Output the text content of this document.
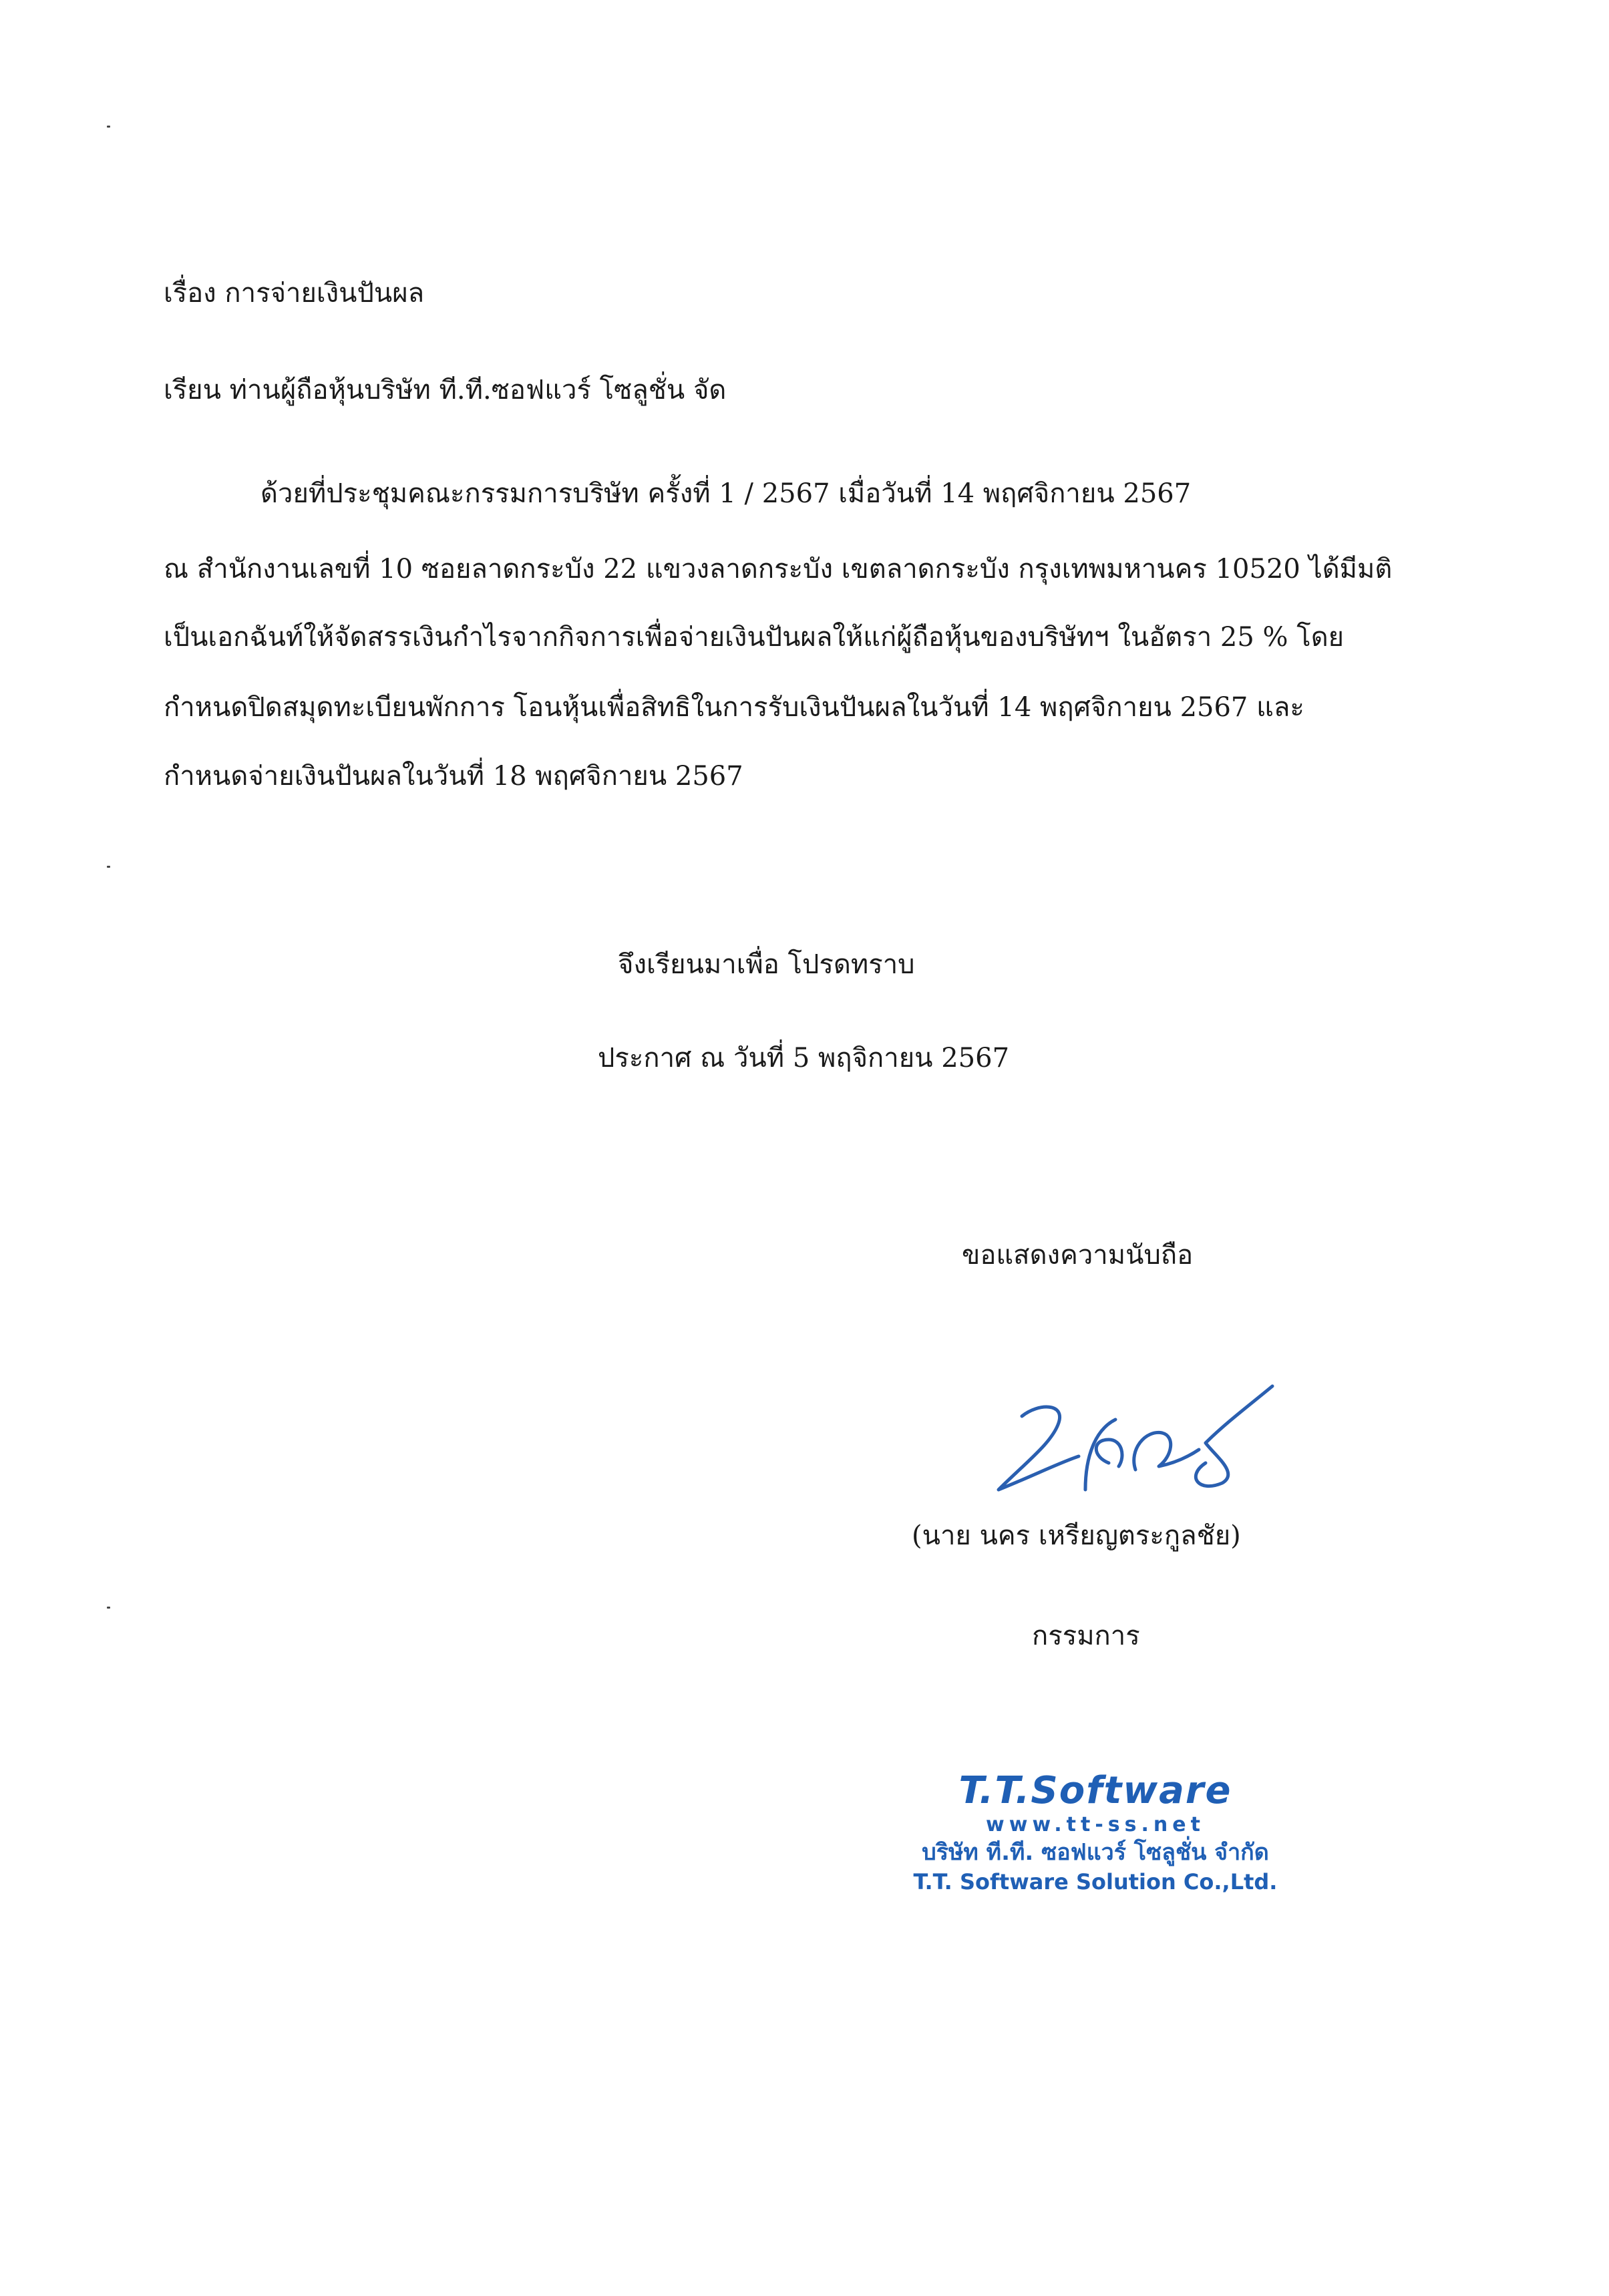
เรื่อง การจ่ายเงินปันผล
เรียน ท่านผู้ถือหุ้นบริษัท ที.ที.ซอฟแวร์ โซลูชั่น จัด
ด้วยที่ประชุมคณะกรรมการบริษัท ครั้งที่ 1 / 2567 เมื่อวันที่ 14 พฤศจิกายน 2567
ณ สำนักงานเลขที่ 10 ซอยลาดกระบัง 22 แขวงลาดกระบัง เขตลาดกระบัง กรุงเทพมหานคร 10520 ได้มีมติ
เป็นเอกฉันท์ให้จัดสรรเงินกำไรจากกิจการเพื่อจ่ายเงินปันผลให้แก่ผู้ถือหุ้นของบริษัทฯ ในอัตรา 25 % โดย
กำหนดปิดสมุดทะเบียนพักการ โอนหุ้นเพื่อสิทธิในการรับเงินปันผลในวันที่ 14 พฤศจิกายน 2567 และ
กำหนดจ่ายเงินปันผลในวันที่ 18 พฤศจิกายน 2567
จึงเรียนมาเพื่อ โปรดทราบ
ประกาศ ณ วันที่ 5 พฤจิกายน 2567
ขอแสดงความนับถือ
(นาย นคร เหรียญตระกูลชัย)
กรรมการ
T.T.Software
www.tt-ss.net
บริษัท ที.ที. ซอฟแวร์ โซลูชั่น จำกัด
T.T. Software Solution Co.,Ltd.
